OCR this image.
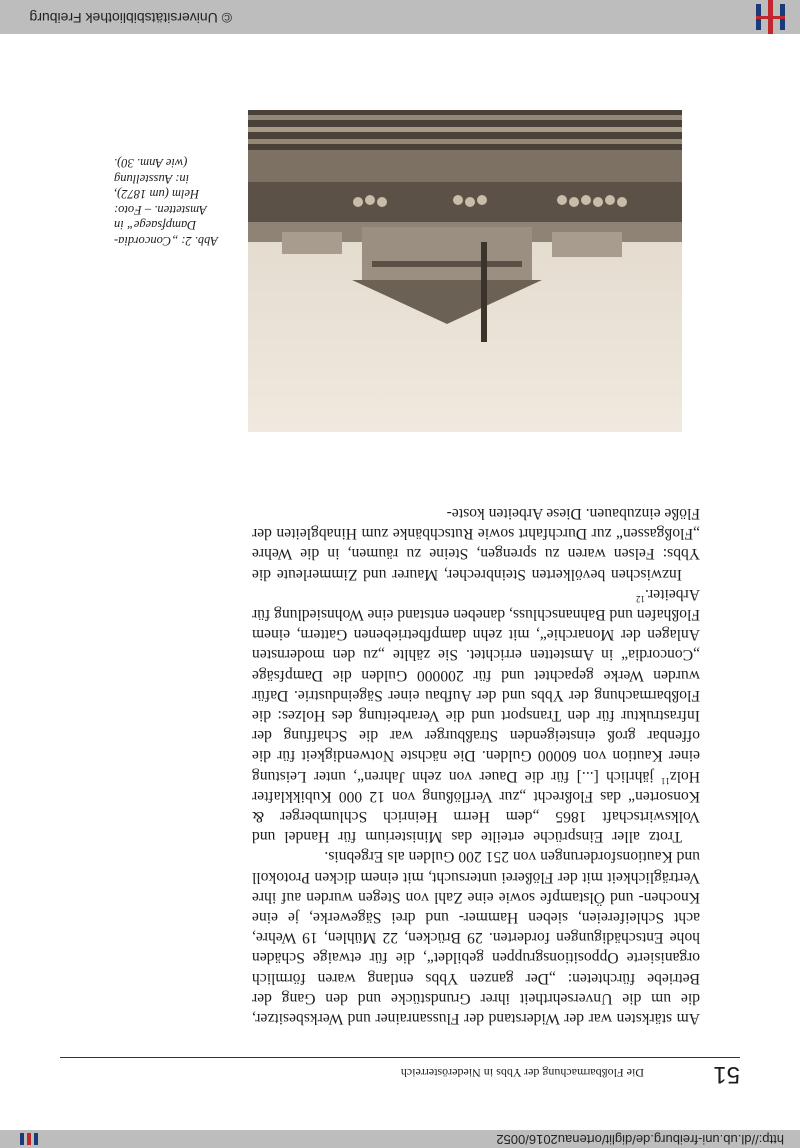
http://dl.ub.uni-freiburg.de/diglit/ortenau2016/0052
51
Die Floßbarmachung der Ybbs in Niederösterreich

Am stärksten war der Widerstand der Flussanrainer und Werksbesitzer, die um die Unversehrtheit ihrer Grundstücke und den Gang der Betriebe fürchteten: „Der ganzen Ybbs entlang waren förmlich organisierte Oppositionsgruppen gebildet“, die für etwaige Schäden hohe Entschädigungen forderten. 29 Brücken, 22 Mühlen, 19 Wehre, acht Schleifereien, sieben Hammer- und drei Sägewerke, je eine Knochen- und Ölstampfe sowie eine Zahl von Stegen wurden auf ihre Verträglichkeit mit der Flößerei untersucht, mit einem dicken Protokoll und Kautionsforderungen von 251 200 Gulden als Ergebnis.

Trotz aller Einsprüche erteilte das Ministerium für Handel und Volkswirtschaft 1865 „dem Herrn Heinrich Schlumberger & Konsorten“ das Floßrecht „zur Verflößung von 12 000 Kubikklafter Holz$^{11}$ jährlich [...] für die Dauer von zehn Jahren“, unter Leistung einer Kaution von 60000 Gulden. Die nächste Notwendigkeit für die offenbar groß einsteigenden Straßburger war die Schaffung der Infrastruktur für den Transport und die Verarbeitung des Holzes: die Floßbarmachung der Ybbs und der Aufbau einer Sägeindustrie. Dafür wurden Werke gepachtet und für 200000 Gulden die Dampfsäge „Concordia“ in Amstetten errichtet. Sie zählte „zu den modernsten Anlagen der Monarchie“, mit zehn dampfbetriebenen Gattern, einem Floßhafen und Bahnanschluss, daneben entstand eine Wohnsiedlung für Arbeiter.$^{12}$

Inzwischen bevölkerten Steinbrecher, Maurer und Zimmerleute die Ybbs: Felsen waren zu sprengen, Steine zu räumen, in die Wehre „Floßgassen“ zur Durchfahrt sowie Rutschbänke zum Hinabgleiten der Flöße einzubauen. Diese Arbeiten koste-

Abb. 2: „Concordia-
Dampfsaege“ in
Amstetten. – Foto:
Helm (um 1872),
in: Ausstellung
(wie Anm. 30).
© Universitätsbibliothek Freiburg
